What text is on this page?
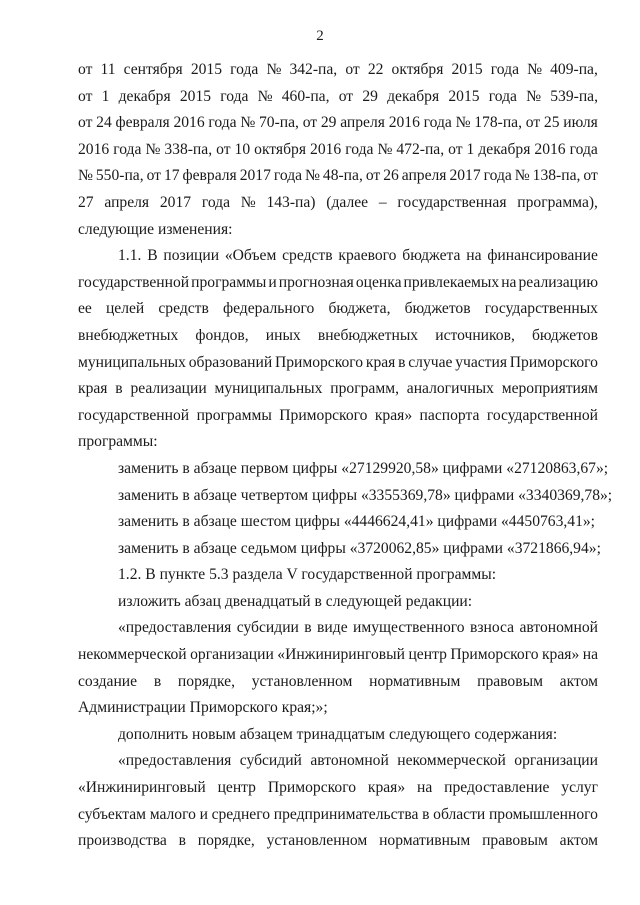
2
от 11 сентября 2015 года № 342-па, от 22 октября 2015 года № 409-па,
от 1 декабря 2015 года № 460-па, от 29 декабря 2015 года № 539-па,
от 24 февраля 2016 года № 70-па, от 29 апреля 2016 года № 178-па, от 25 июля
2016 года № 338-па, от 10 октября 2016 года № 472-па, от 1 декабря 2016 года
№ 550-па, от 17 февраля 2017 года № 48-па, от 26 апреля 2017 года № 138-па, от
27 апреля 2017 года № 143-па) (далее – государственная программа),
следующие изменения:
1.1. В позиции «Объем средств краевого бюджета на финансирование
государственной программы и прогнозная оценка привлекаемых на реализацию
ее целей средств федерального бюджета, бюджетов государственных
внебюджетных фондов, иных внебюджетных источников, бюджетов
муниципальных образований Приморского края в случае участия Приморского
края в реализации муниципальных программ, аналогичных мероприятиям
государственной программы Приморского края» паспорта государственной
программы:
заменить в абзаце первом цифры «27129920,58» цифрами «27120863,67»;
заменить в абзаце четвертом цифры «3355369,78» цифрами «3340369,78»;
заменить в абзаце шестом цифры «4446624,41» цифрами «4450763,41»;
заменить в абзаце седьмом цифры «3720062,85» цифрами «3721866,94»;
1.2. В пункте 5.3 раздела V государственной программы:
изложить абзац двенадцатый в следующей редакции:
«предоставления субсидии в виде имущественного взноса автономной
некоммерческой организации «Инжиниринговый центр Приморского края» на
создание в порядке, установленном нормативным правовым актом
Администрации Приморского края;»;
дополнить новым абзацем тринадцатым следующего содержания:
«предоставления субсидий автономной некоммерческой организации
«Инжиниринговый центр Приморского края» на предоставление услуг
субъектам малого и среднего предпринимательства в области промышленного
производства в порядке, установленном нормативным правовым актом
